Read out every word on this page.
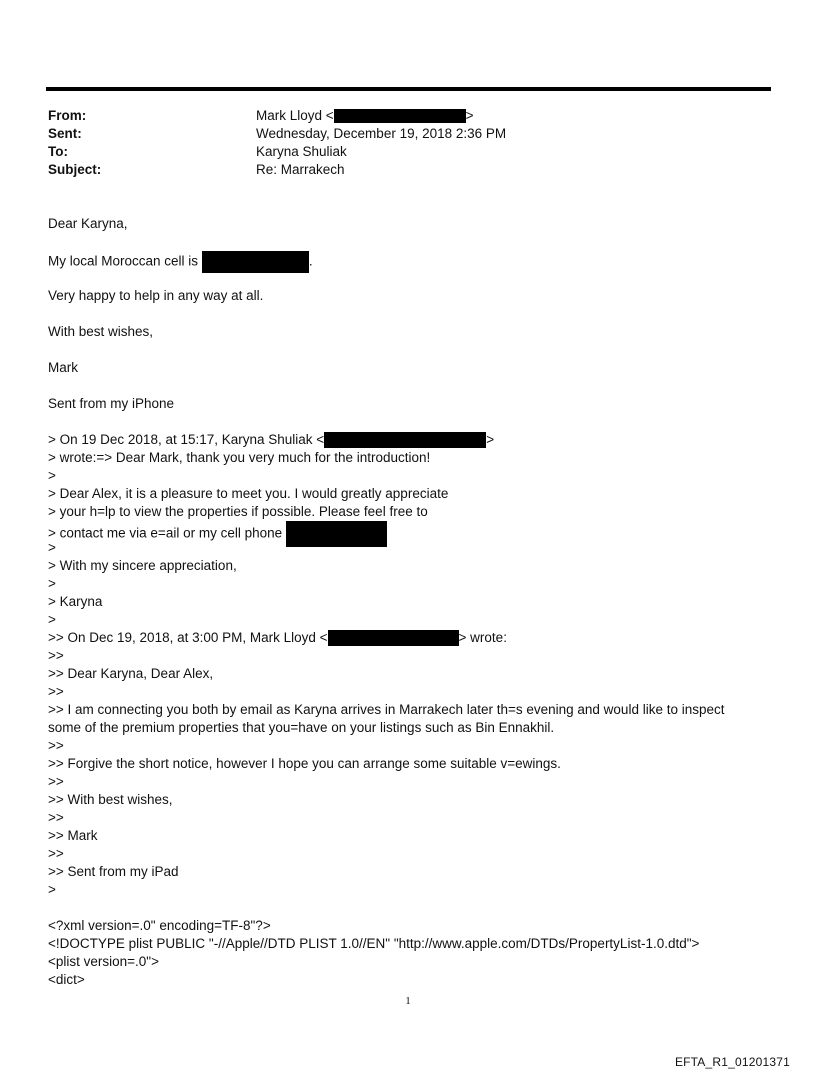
From:	Mark Lloyd <	>
Sent:	Wednesday, December 19, 2018 2:36 PM
To:	Karyna Shuliak
Subject:	Re: Marrakech
Dear Karyna,
My local Moroccan cell is	.
Very happy to help in any way at all.
With best wishes,
Mark
Sent from my iPhone
> On 19 Dec 2018, at 15:17, Karyna Shuliak <	>
> wrote:=> Dear Mark, thank you very much for the introduction!
>
> Dear Alex, it is a pleasure to meet you. I would greatly appreciate
> your h=lp to view the properties if possible. Please feel free to
> contact me via e=ail or my cell phone
>
> With my sincere appreciation,
>
> Karyna
>
>> On Dec 19, 2018, at 3:00 PM, Mark Lloyd <	> wrote:
>>
>> Dear Karyna, Dear Alex,
>>
>> I am connecting you both by email as Karyna arrives in Marrakech later th=s evening and would like to inspect some of the premium properties that you=have on your listings such as Bin Ennakhil.
>>
>> Forgive the short notice, however I hope you can arrange some suitable v=ewings.
>>
>> With best wishes,
>>
>> Mark
>>
>> Sent from my iPad
>
<?xml version=.0" encoding=TF-8"?>
<!DOCTYPE plist PUBLIC "-//Apple//DTD PLIST 1.0//EN" "http://www.apple.com/DTDs/PropertyList-1.0.dtd">
<plist version=.0">
<dict>
1
EFTA_R1_01201371
